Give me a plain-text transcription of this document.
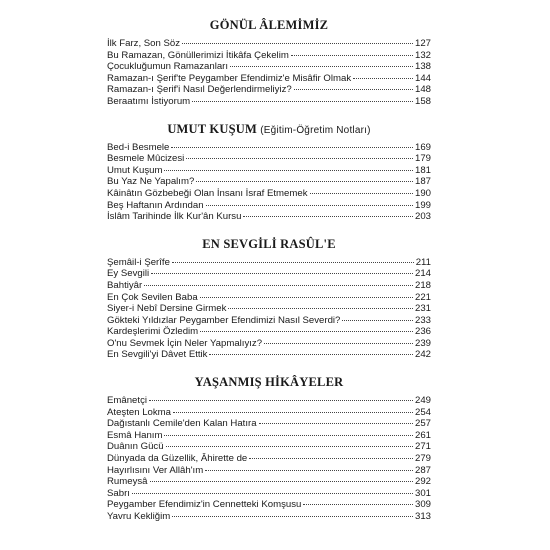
GÖNÜL ÂLEMİMİZ
İlk Farz, Son Söz	127
Bu Ramazan, Gönüllerimizi İtikâfa Çekelim	132
Çocukluğumun Ramazanları	138
Ramazan-ı Şerif'te Peygamber Efendimiz'e Misâfir Olmak	144
Ramazan-ı Şerif'i Nasıl Değerlendirmeliyiz?	148
Beraatımı İstiyorum	158
UMUT KUŞUM (Eğitim-Öğretim Notları)
Bed-i Besmele	169
Besmele Mûcizesi	179
Umut Kuşum	181
Bu Yaz Ne Yapalım?	187
Kâinâtın Gözbebeği Olan İnsanı İsraf Etmemek	190
Beş Haftanın Ardından	199
İslâm Tarihinde İlk Kur'ân Kursu	203
EN SEVGİLİ RASÛL'E
Şemâil-i Şerîfe	211
Ey Sevgili	214
Bahtiyâr	218
En Çok Sevilen Baba	221
Siyer-i Nebî Dersine Girmek	231
Gökteki Yıldızlar Peygamber Efendimizi Nasıl Severdi?	233
Kardeşlerimi Özledim	236
O'nu Sevmek İçin Neler Yapmalıyız?	239
En Sevgili'yi Dâvet Ettik	242
YAŞANMIŞ HİKÂYELER
Emânetçi	249
Ateşten Lokma	254
Dağıstanlı Cemile'den Kalan Hatıra	257
Esmâ Hanım	261
Duânın Gücü	271
Dünyada da Güzellik, Âhirette de	279
Hayırlısını Ver Allâh'ım	287
Rumeysâ	292
Sabrı	301
Peygamber Efendimiz'in Cennetteki Komşusu	309
Yavru Kekliğim	313
